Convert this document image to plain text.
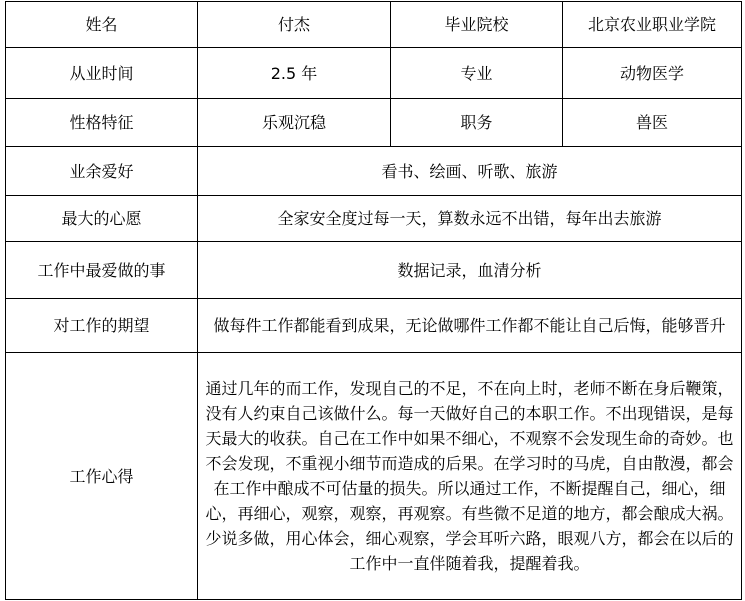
姓名	付杰	毕业院校	北京农业职业学院
从业时间	2.5 年	专业	动物医学
性格特征	乐观沉稳	职务	兽医
业余爱好	看书、绘画、听歌、旅游		
最大的心愿	全家安全度过每一天，算数永远不出错，每年出去旅游		
工作中最爱做的事	数据记录，血清分析		
对工作的期望	做每件工作都能看到成果，无论做哪件工作都不能让自己后悔，能够晋升		
工作心得	通过几年的而工作，发现自己的不足，不在向上时，老师不断在身后鞭策，没有人约束自己该做什么。每一天做好自己的本职工作。不出现错误，是每天最大的收获。自己在工作中如果不细心，不观察不会发现生命的奇妙。也不会发现，不重视小细节而造成的后果。在学习时的马虎，自由散漫，都会在工作中酿成不可估量的损失。所以通过工作，不断提醒自己，细心，细心，再细心，观察，观察，再观察。有些微不足道的地方，都会酿成大祸。少说多做，用心体会，细心观察，学会耳听六路，眼观八方，都会在以后的工作中一直伴随着我，提醒着我。		
